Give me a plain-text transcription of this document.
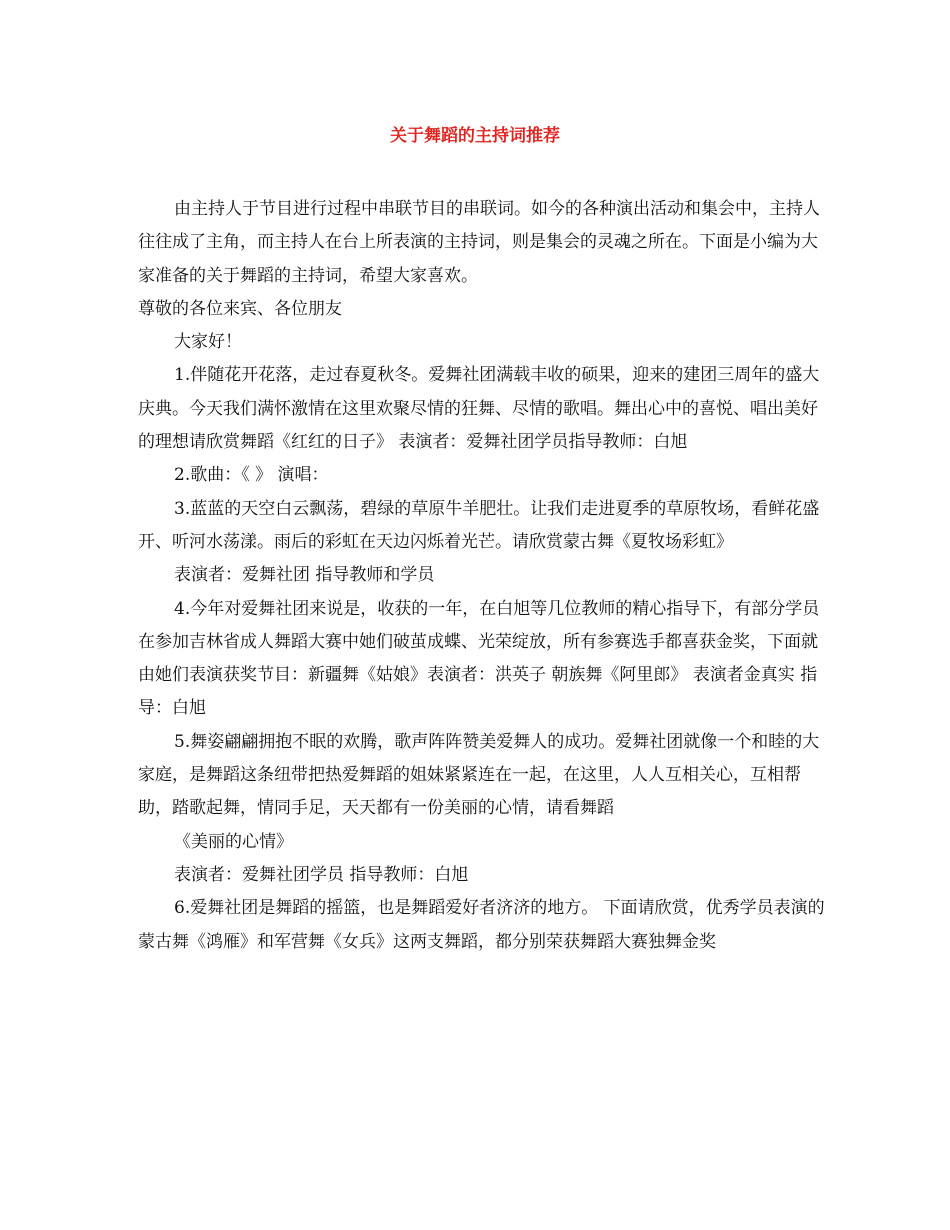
关于舞蹈的主持词推荐

由主持人于节目进行过程中串联节目的串联词。如今的各种演出活动和集会中，主持人往往成了主角，而主持人在台上所表演的主持词，则是集会的灵魂之所在。下面是小编为大家准备的关于舞蹈的主持词，希望大家喜欢。

尊敬的各位来宾、各位朋友

大家好！

1.伴随花开花落，走过春夏秋冬。爱舞社团满载丰收的硕果，迎来的建团三周年的盛大庆典。今天我们满怀激情在这里欢聚尽情的狂舞、尽情的歌唱。舞出心中的喜悦、唱出美好的理想请欣赏舞蹈《红红的日子》 表演者：爱舞社团学员指导教师：白旭

2.歌曲：《 》 演唱：

3.蓝蓝的天空白云飘荡，碧绿的草原牛羊肥壮。让我们走进夏季的草原牧场，看鲜花盛开、听河水荡漾。雨后的彩虹在天边闪烁着光芒。请欣赏蒙古舞《夏牧场彩虹》

表演者：爱舞社团 指导教师和学员

4.今年对爱舞社团来说是，收获的一年，在白旭等几位教师的精心指导下，有部分学员在参加吉林省成人舞蹈大赛中她们破茧成蝶、光荣绽放，所有参赛选手都喜获金奖，下面就由她们表演获奖节目：新疆舞《姑娘》表演者：洪英子 朝族舞《阿里郎》 表演者金真实 指导：白旭

5.舞姿翩翩拥抱不眠的欢腾，歌声阵阵赞美爱舞人的成功。爱舞社团就像一个和睦的大家庭，是舞蹈这条纽带把热爱舞蹈的姐妹紧紧连在一起，在这里，人人互相关心，互相帮助，踏歌起舞，情同手足，天天都有一份美丽的心情，请看舞蹈

《美丽的心情》

表演者：爱舞社团学员 指导教师：白旭

6.爱舞社团是舞蹈的摇篮，也是舞蹈爱好者济济的地方。 下面请欣赏，优秀学员表演的蒙古舞《鸿雁》和军营舞《女兵》这两支舞蹈，都分别荣获舞蹈大赛独舞金奖
